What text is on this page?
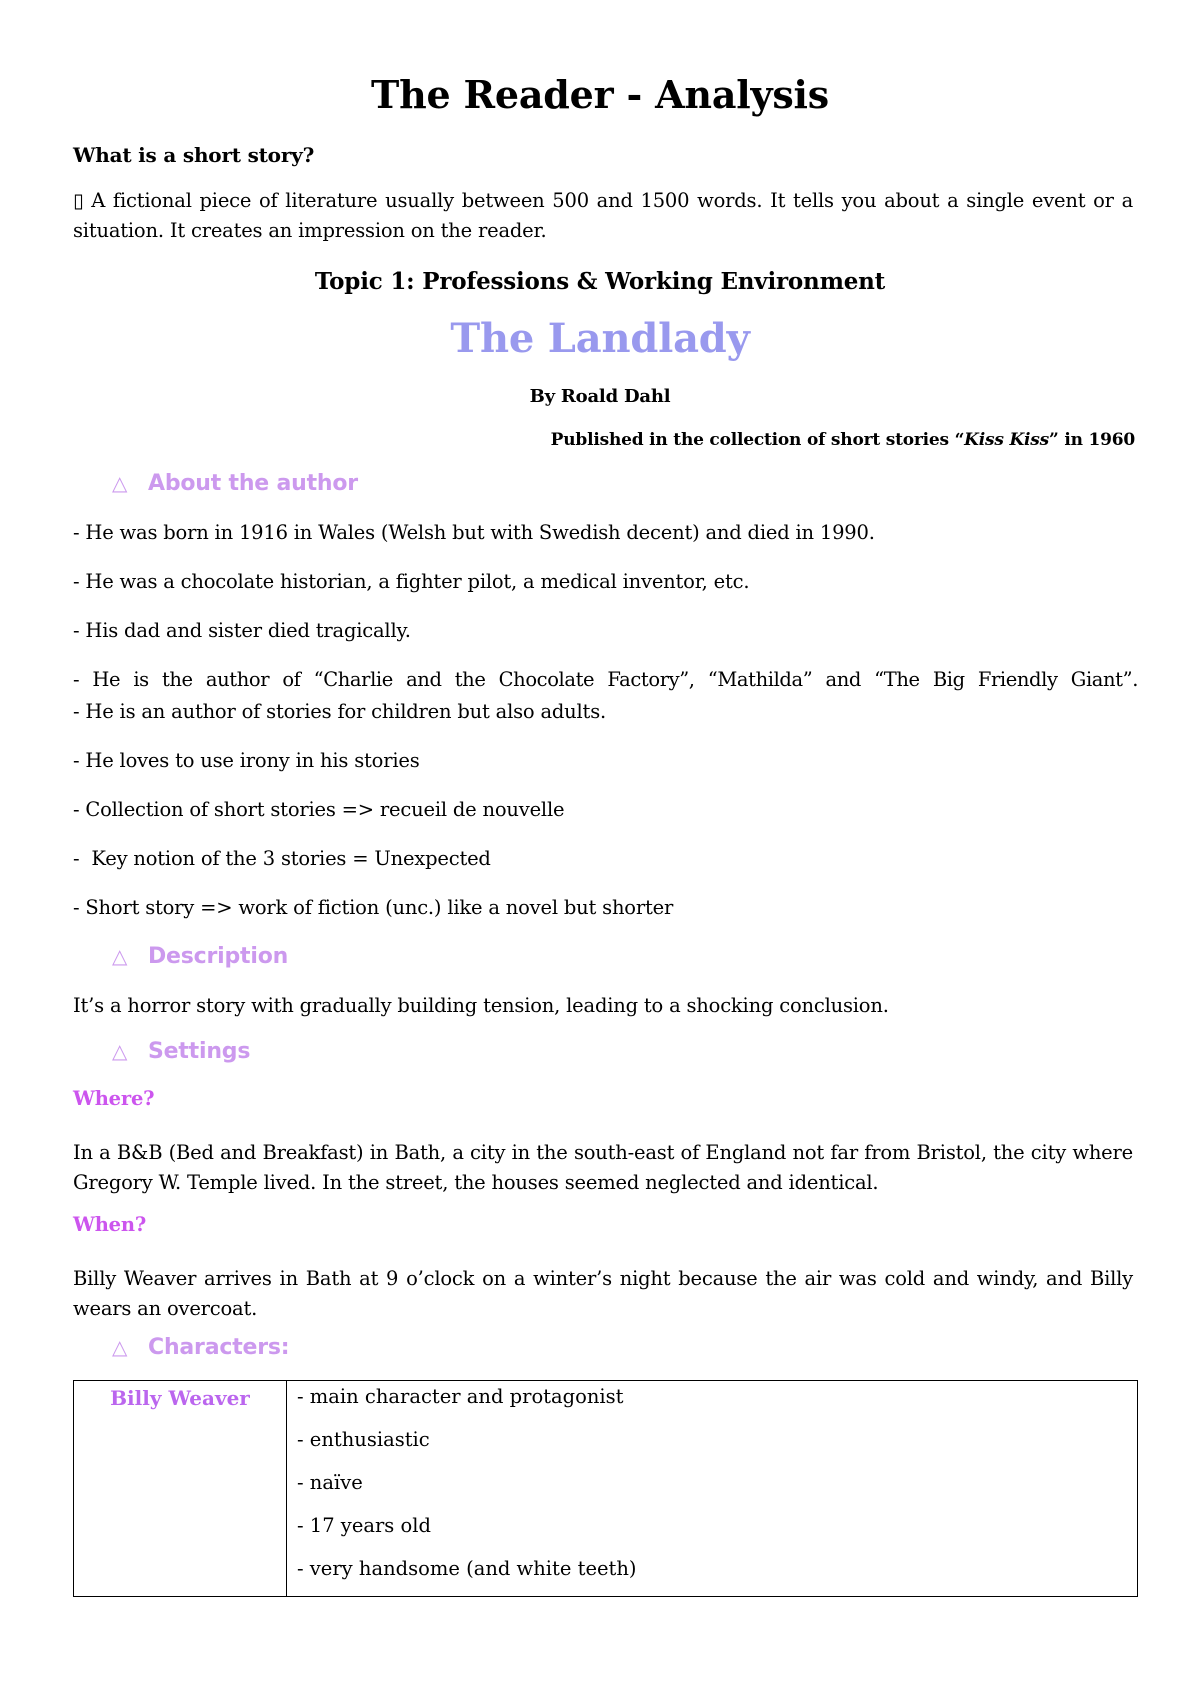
The Reader - Analysis
What is a short story?
▯ A fictional piece of literature usually between 500 and 1500 words. It tells you about a single event or a situation. It creates an impression on the reader.
Topic 1: Professions & Working Environment
The Landlady
By Roald Dahl
Published in the collection of short stories “Kiss Kiss” in 1960
△ About the author
- He was born in 1916 in Wales (Welsh but with Swedish decent) and died in 1990.
- He was a chocolate historian, a fighter pilot, a medical inventor, etc.
- His dad and sister died tragically.
- He is the author of “Charlie and the Chocolate Factory”, “Mathilda” and “The Big Friendly Giant”.
- He is an author of stories for children but also adults.
- He loves to use irony in his stories
- Collection of short stories => recueil de nouvelle
-  Key notion of the 3 stories = Unexpected
- Short story => work of fiction (unc.) like a novel but shorter
△ Description
It’s a horror story with gradually building tension, leading to a shocking conclusion.
△ Settings
Where?
In a B&B (Bed and Breakfast) in Bath, a city in the south-east of England not far from Bristol, the city where Gregory W. Temple lived. In the street, the houses seemed neglected and identical.
When?
Billy Weaver arrives in Bath at 9 o’clock on a winter’s night because the air was cold and windy, and Billy wears an overcoat.
△ Characters:
Billy Weaver	- main character and protagonist
- enthusiastic
- naïve
- 17 years old
- very handsome (and white teeth)
